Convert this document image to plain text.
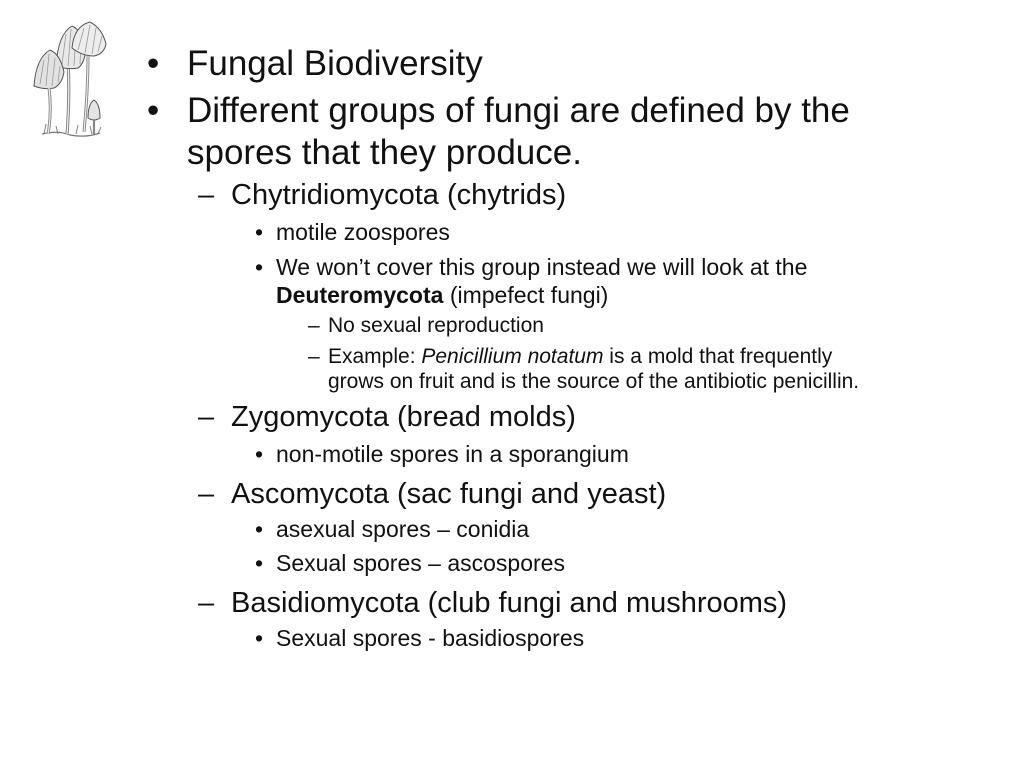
• Fungal Biodiversity
• Different groups of fungi are defined by the
spores that they produce.
– Chytridiomycota (chytrids)
• motile zoospores
• We won’t cover this group instead we will look at the
Deuteromycota (impefect fungi)
– No sexual reproduction
– Example: Penicillium notatum is a mold that frequently
grows on fruit and is the source of the antibiotic penicillin.
– Zygomycota (bread molds)
• non-motile spores in a sporangium
– Ascomycota (sac fungi and yeast)
• asexual spores – conidia
• Sexual spores – ascospores
– Basidiomycota (club fungi and mushrooms)
• Sexual spores - basidiospores
